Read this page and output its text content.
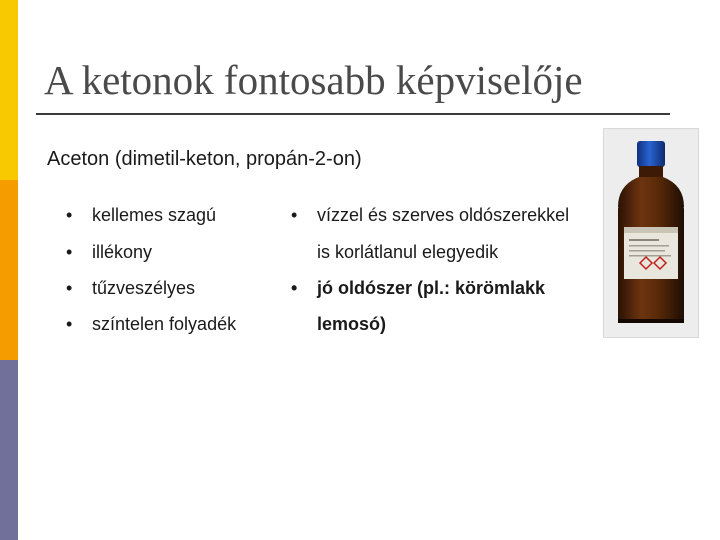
A ketonok fontosabb képviselője
Aceton (dimetil-keton, propán-2-on)
• kellemes szagú
• illékony
• tűzveszélyes
• színtelen folyadék
• vízzel és szerves oldószerekkel
is korlátlanul elegyedik
• jó oldószer (pl.: körömlakk
lemosó)
